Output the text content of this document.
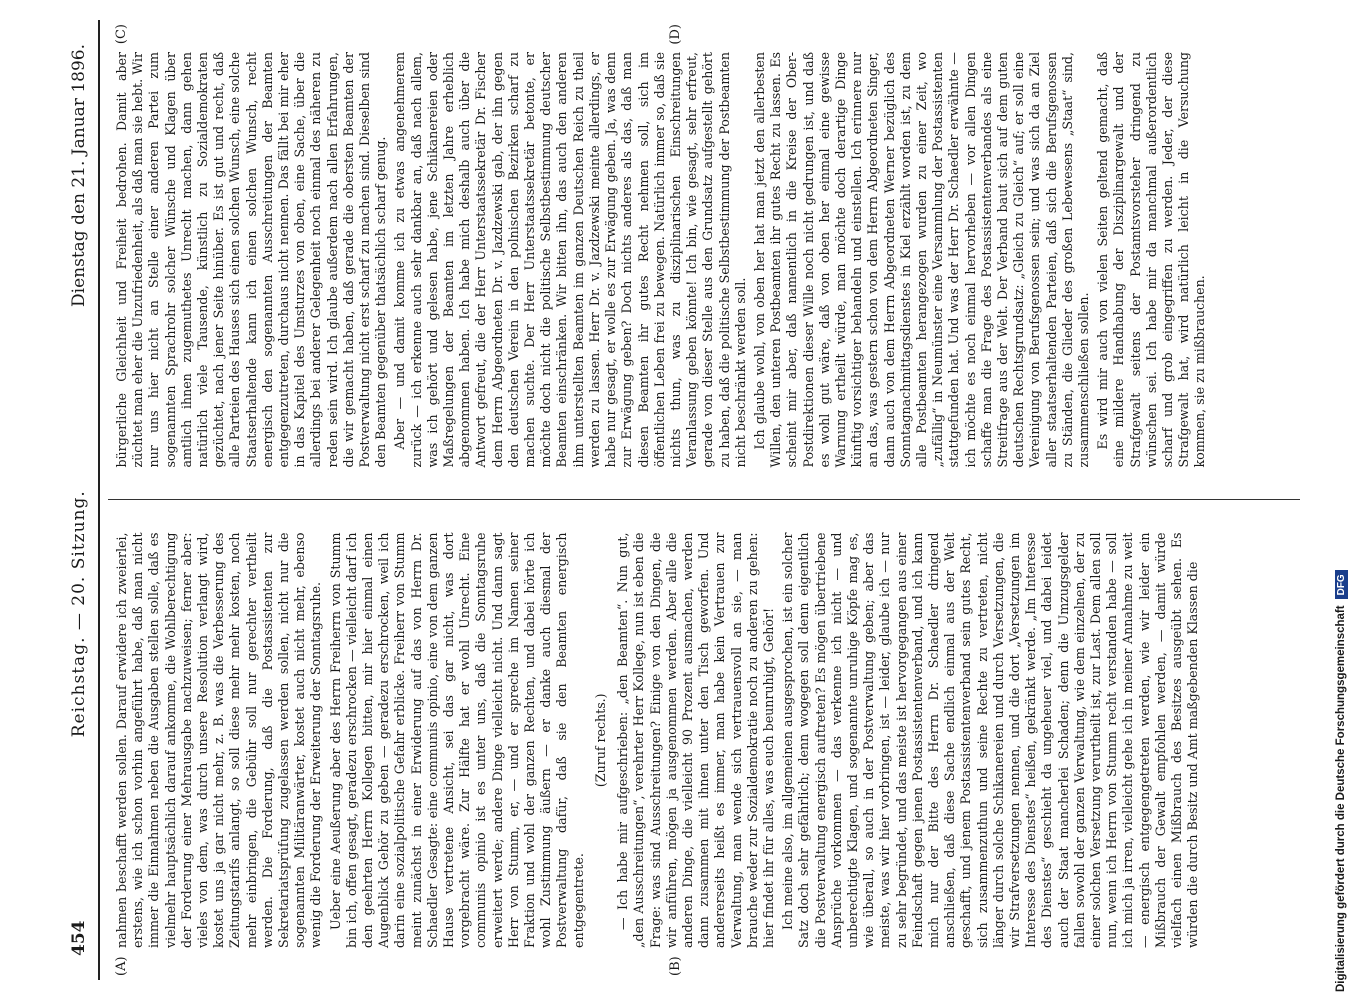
454
Reichstag. — 20. Sitzung.
Dienstag den 21. Januar 1896.
(A)	(B)

nahmen beschafft werden sollen. Darauf erwidere ich zweierlei, erstens, wie ich schon vorhin angeführt habe, daß man nicht immer die Einnahmen neben die Ausgaben stellen solle, daß es vielmehr hauptsächlich darauf ankomme, die Wohlberechtigung der Forderung einer Mehrausgabe nachzuweisen; ferner aber: vieles von dem, was durch unsere Resolution verlangt wird, kostet uns ja gar nicht mehr, z. B. was die Verbesserung des Zeitungstarifs anlangt, so soll diese mehr mehr kosten, noch mehr einbringen, die Gebühr soll nur gerechter vertheilt werden. Die Forderung, daß die Postassistenten zur Sekretariatsprüfung zugelassen werden sollen, nicht nur die sogenannten Militäranwärter, kostet auch nicht mehr, ebenso wenig die Forderung der Erweiterung der Sonntagsruhe. Ueber eine Aeußerung aber des Herrn Freiherrn von Stumm bin ich, offen gesagt, geradezu erschrocken — vielleicht darf ich den geehrten Herrn Kollegen bitten, mir hier einmal einen Augenblick Gehör zu geben — geradezu erschrocken, weil ich darin eine sozialpolitische Gefahr erblicke. Freiherr von Stumm meint zunächst in einer Erwiderung auf das von Herrn Dr. Schaedler Gesagte: eine communis opinio, eine von dem ganzen Hause vertretene Ansicht, sei das gar nicht, was dort vorgebracht wäre. Zur Hälfte hat er wohl Unrecht. Eine communis opinio ist es unter uns, daß die Sonntagsruhe erweitert werde; andere Dinge vielleicht nicht. Und dann sagt Herr von Stumm, er, — und er spreche im Namen seiner Fraktion und wohl der ganzen Rechten, und dabei hörte ich wohl Zustimmung äußern — er danke auch diesmal der Postverwaltung dafür, daß sie den Beamten energisch entgegentrete.

(Zuruf rechts.) — Ich habe mir aufgeschrieben: „den Beamten“. Nun gut, „den Ausschreitungen“, verehrter Herr Kollege, nun ist eben die Frage: was sind Ausschreitungen? Einige von den Dingen, die wir anführen, mögen ja ausgenommen werden. Aber alle die anderen Dinge, die vielleicht 90 Prozent ausmachen, werden dann zusammen mit ihnen unter den Tisch geworfen. Und andererseits heißt es immer, man habe kein Vertrauen zur Verwaltung, man wende sich vertrauensvoll an sie, — man brauche weder zur Sozialdemokratie noch zu anderen zu gehen: hier findet ihr für alles, was euch beunruhigt, Gehör! Ich meine also, im allgemeinen ausgesprochen, ist ein solcher Satz doch sehr gefährlich; denn wogegen soll denn eigentlich die Postverwaltung energisch auftreten? Es mögen übertriebene Ansprüche vorkommen — das verkenne ich nicht — und unberechtigte Klagen, und sogenannte unruhige Köpfe mag es, wie überall, so auch in der Postverwaltung geben; aber das meiste, was wir hier vorbringen, ist — leider, glaube ich — nur zu sehr begründet, und das meiste ist hervorgegangen aus einer Feindschaft gegen jenen Postassistentenverband, und ich kann mich nur der Bitte des Herrn Dr. Schaedler dringend anschließen, daß diese Sache endlich einmal aus der Welt geschafft, und jenem Postassistentenverband sein gutes Recht, sich zusammenzuthun und seine Rechte zu vertreten, nicht länger durch solche Schikanereien und durch Versetzungen, die wir Strafversetzungen nennen, und die dort „Versetzungen im Interesse des Dienstes“ heißen, gekränkt werde. „Im Interesse des Dienstes“ geschieht da ungeheuer viel, und dabei leidet auch der Staat mancherlei Schaden; denn die Umzugsgelder fallen sowohl der ganzen Verwaltung, wie dem einzelnen, der zu einer solchen Versetzung verurtheilt ist, zur Last. Dem allen soll nun, wenn ich Herrn von Stumm recht verstanden habe — soll ich mich ja irren, vielleicht gehe ich in meiner Annahme zu weit — energisch entgegengetreten werden, wie wir leider ein Mißbrauch der Gewalt empfohlen werden, — damit würde vielfach einen Mißbrauch des Besitzes ausgeübt sehen. Es würden die durch Besitz und Amt maßgebenden Klassen die

(C)	(D)

bürgerliche Gleichheit und Freiheit bedrohen. Damit aber züchtet man eher die Unzufriedenheit, als daß man sie hebt. Wir nur uns hier nicht an Stelle einer anderen Partei zum sogenannten Sprachrohr solcher Wünsche und Klagen über amtlich ihnen zugemuthetes Unrecht machen, dann gehen natürlich viele Tausende, künstlich zu Sozialdemokraten gezüchtet, nach jener Seite hinüber. Es ist gut und recht, daß alle Parteien des Hauses sich einen solchen Wunsch, eine solche Staatserhaltende kann ich einen solchen Wunsch, recht energisch den sogenannten Ausschreitungen der Beamten entgegenzutreten, durchaus nicht nennen. Das fällt bei mir eher in das Kapitel des Umsturzes von oben, eine Sache, über die allerdings bei anderer Gelegenheit noch einmal des näheren zu reden sein wird. Ich glaube außerdem nach allen Erfahrungen, die wir gemacht haben, daß gerade die obersten Beamten der Postverwaltung nicht erst scharf zu machen sind. Dieselben sind den Beamten gegenüber thatsächlich scharf genug. Aber — und damit komme ich zu etwas angenehmerem zurück — ich erkenne auch sehr dankbar an, daß nach allem, was ich gehört und gelesen habe, jene Schikanereien oder Maßregelungen der Beamten im letzten Jahre erheblich abgenommen haben. Ich habe mich deshalb auch über die Antwort gefreut, die der Herr Unterstaatssekretär Dr. Fischer dem Herrn Abgeordneten Dr. v. Jazdzewski gab, der ihn gegen den deutschen Verein in den polnischen Bezirken scharf zu machen suchte. Der Herr Unterstaatssekretär betonte, er möchte doch nicht die politische Selbstbestimmung deutscher Beamten einschränken. Wir bitten ihn, das auch den anderen ihm unterstellten Beamten im ganzen Deutschen Reich zu theil werden zu lassen. Herr Dr. v. Jazdzewski meinte allerdings, er habe nur gesagt, er wolle es zur Erwägung geben. Ja, was denn zur Erwägung geben? Doch nichts anderes als das, daß man diesen Beamten ihr gutes Recht nehmen soll, sich im öffentlichen Leben frei zu bewegen. Natürlich immer so, daß sie nichts thun, was zu disziplinarischen Einschreitungen Veranlassung geben könnte! Ich bin, wie gesagt, sehr erfreut, gerade von dieser Stelle aus den Grundsatz aufgestellt gehört zu haben, daß die politische Selbstbestimmung der Postbeamten nicht beschränkt werden soll. Ich glaube wohl, von oben her hat man jetzt den allerbesten Willen, den unteren Postbeamten ihr gutes Recht zu lassen. Es scheint mir aber, daß namentlich in die Kreise der Ober-Postdirektionen dieser Wille noch nicht gedrungen ist, und daß es wohl gut wäre, daß von oben her einmal eine gewisse Warnung ertheilt würde, man möchte doch derartige Dinge künftig vorsichtiger behandeln und einstellen. Ich erinnere nur an das, was gestern schon von dem Herrn Abgeordneten Singer, dann auch von dem Herrn Abgeordneten Werner bezüglich des Sonntagnachmittagsdienstes in Kiel erzählt worden ist, zu dem alle Postbeamten herangezogen wurden zu einer Zeit, wo „zufällig“ in Neumünster eine Versammlung der Postassistenten stattgefunden hat. Und was der Herr Dr. Schaedler erwähnte — ich möchte es noch einmal hervorheben — vor allen Dingen schaffe man die Frage des Postassistentenverbandes als eine Streitfrage aus der Welt. Der Verband baut sich auf dem guten deutschen Rechtsgrundsatz: „Gleich zu Gleich“ auf; er soll eine Vereinigung von Berufsgenossen sein; und was sich da an Ziel aller staatserhaltenden Parteien, daß sich die Berufsgenossen zu Ständen, die Glieder des großen Lebewesens „Staat“ sind, zusammenschließen sollen. Es wird mir auch von vielen Seiten geltend gemacht, daß eine mildere Handhabung der Disziplinargewalt und der Strafgewalt seitens der Postamtsvorsteher dringend zu wünschen sei. Ich habe mir da manchmal außerordentlich scharf und grob eingegriffen zu werden. Jeder, der diese Strafgewalt hat, wird natürlich leicht in die Versuchung kommen, sie zu mißbrauchen.

Digitalisierung gefördert durch die Deutsche Forschungsgemeinschaft
DFG
